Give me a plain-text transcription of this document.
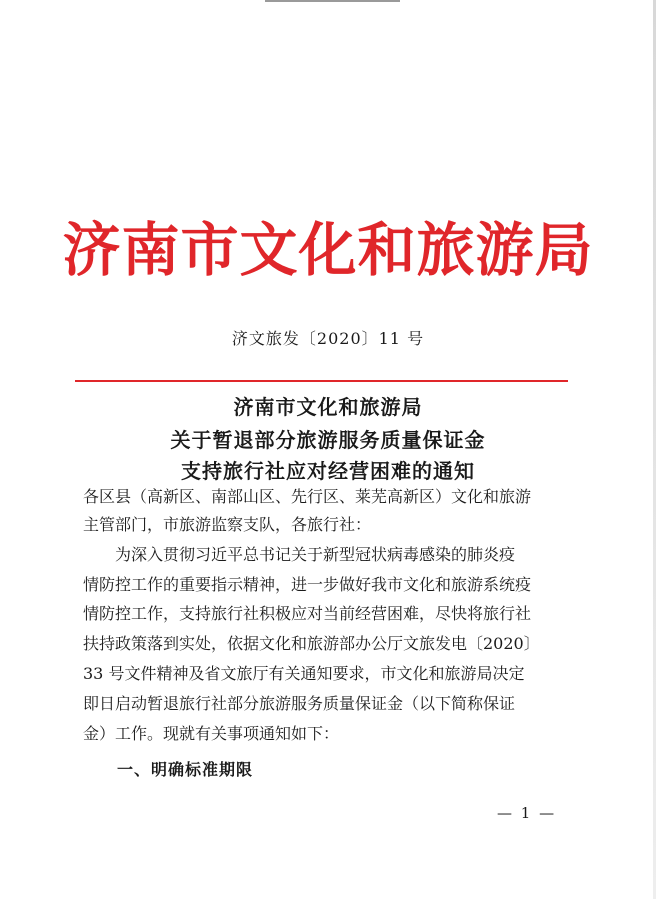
济南市文化和旅游局
济文旅发〔2020〕11 号
济南市文化和旅游局
关于暂退部分旅游服务质量保证金
支持旅行社应对经营困难的通知
各区县（高新区、南部山区、先行区、莱芜高新区）文化和旅游
主管部门，市旅游监察支队，各旅行社：
　　为深入贯彻习近平总书记关于新型冠状病毒感染的肺炎疫
情防控工作的重要指示精神，进一步做好我市文化和旅游系统疫
情防控工作，支持旅行社积极应对当前经营困难，尽快将旅行社
扶持政策落到实处，依据文化和旅游部办公厅文旅发电〔2020〕
33 号文件精神及省文旅厅有关通知要求，市文化和旅游局决定
即日启动暂退旅行社部分旅游服务质量保证金（以下简称保证
金）工作。现就有关事项通知如下：
一、明确标准期限
— 1 —
